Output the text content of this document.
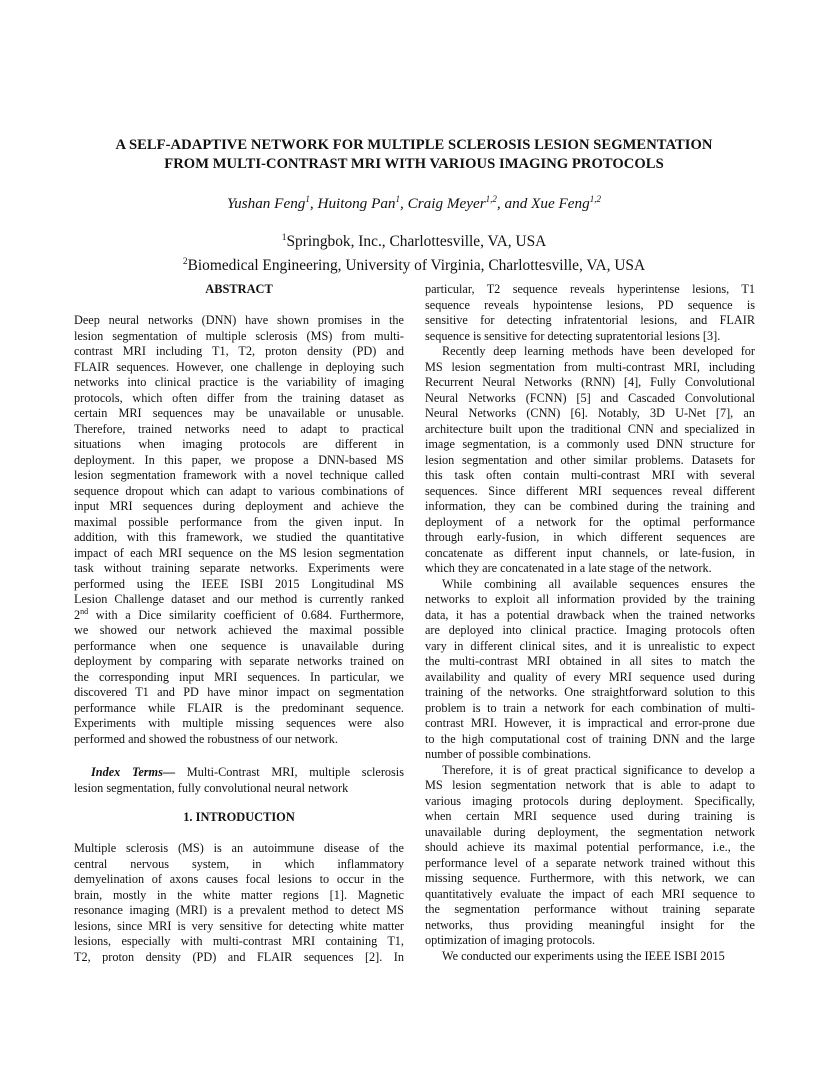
A SELF-ADAPTIVE NETWORK FOR MULTIPLE SCLEROSIS LESION SEGMENTATION
FROM MULTI-CONTRAST MRI WITH VARIOUS IMAGING PROTOCOLS
Yushan Feng$^1$, Huitong Pan$^1$, Craig Meyer$^{1,2}$, and Xue Feng$^{1,2}$
$^1$Springbok, Inc., Charlottesville, VA, USA
$^2$Biomedical Engineering, University of Virginia, Charlottesville, VA, USA
ABSTRACT
Deep neural networks (DNN) have shown promises in the
lesion segmentation of multiple sclerosis (MS) from multi-
contrast MRI including T1, T2, proton density (PD) and
FLAIR sequences. However, one challenge in deploying such
networks into clinical practice is the variability of imaging
protocols, which often differ from the training dataset as
certain MRI sequences may be unavailable or unusable.
Therefore, trained networks need to adapt to practical
situations when imaging protocols are different in
deployment. In this paper, we propose a DNN-based MS
lesion segmentation framework with a novel technique called
sequence dropout which can adapt to various combinations of
input MRI sequences during deployment and achieve the
maximal possible performance from the given input. In
addition, with this framework, we studied the quantitative
impact of each MRI sequence on the MS lesion segmentation
task without training separate networks. Experiments were
performed using the IEEE ISBI 2015 Longitudinal MS
Lesion Challenge dataset and our method is currently ranked
2nd with a Dice similarity coefficient of 0.684. Furthermore,
we showed our network achieved the maximal possible
performance when one sequence is unavailable during
deployment by comparing with separate networks trained on
the corresponding input MRI sequences. In particular, we
discovered T1 and PD have minor impact on segmentation
performance while FLAIR is the predominant sequence.
Experiments with multiple missing sequences were also
performed and showed the robustness of our network.
Index Terms— Multi-Contrast MRI, multiple sclerosis
lesion segmentation, fully convolutional neural network
1. INTRODUCTION
Multiple sclerosis (MS) is an autoimmune disease of the
central nervous system, in which inflammatory
demyelination of axons causes focal lesions to occur in the
brain, mostly in the white matter regions [1]. Magnetic
resonance imaging (MRI) is a prevalent method to detect MS
lesions, since MRI is very sensitive for detecting white matter
lesions, especially with multi-contrast MRI containing T1,
T2, proton density (PD) and FLAIR sequences [2]. In
particular, T2 sequence reveals hyperintense lesions, T1
sequence reveals hypointense lesions, PD sequence is
sensitive for detecting infratentorial lesions, and FLAIR
sequence is sensitive for detecting supratentorial lesions [3].
Recently deep learning methods have been developed for
MS lesion segmentation from multi-contrast MRI, including
Recurrent Neural Networks (RNN) [4], Fully Convolutional
Neural Networks (FCNN) [5] and Cascaded Convolutional
Neural Networks (CNN) [6]. Notably, 3D U-Net [7], an
architecture built upon the traditional CNN and specialized in
image segmentation, is a commonly used DNN structure for
lesion segmentation and other similar problems. Datasets for
this task often contain multi-contrast MRI with several
sequences. Since different MRI sequences reveal different
information, they can be combined during the training and
deployment of a network for the optimal performance
through early-fusion, in which different sequences are
concatenate as different input channels, or late-fusion, in
which they are concatenated in a late stage of the network.
While combining all available sequences ensures the
networks to exploit all information provided by the training
data, it has a potential drawback when the trained networks
are deployed into clinical practice. Imaging protocols often
vary in different clinical sites, and it is unrealistic to expect
the multi-contrast MRI obtained in all sites to match the
availability and quality of every MRI sequence used during
training of the networks. One straightforward solution to this
problem is to train a network for each combination of multi-
contrast MRI. However, it is impractical and error-prone due
to the high computational cost of training DNN and the large
number of possible combinations.
Therefore, it is of great practical significance to develop a
MS lesion segmentation network that is able to adapt to
various imaging protocols during deployment. Specifically,
when certain MRI sequence used during training is
unavailable during deployment, the segmentation network
should achieve its maximal potential performance, i.e., the
performance level of a separate network trained without this
missing sequence. Furthermore, with this network, we can
quantitatively evaluate the impact of each MRI sequence to
the segmentation performance without training separate
networks, thus providing meaningful insight for the
optimization of imaging protocols.
We conducted our experiments using the IEEE ISBI 2015
